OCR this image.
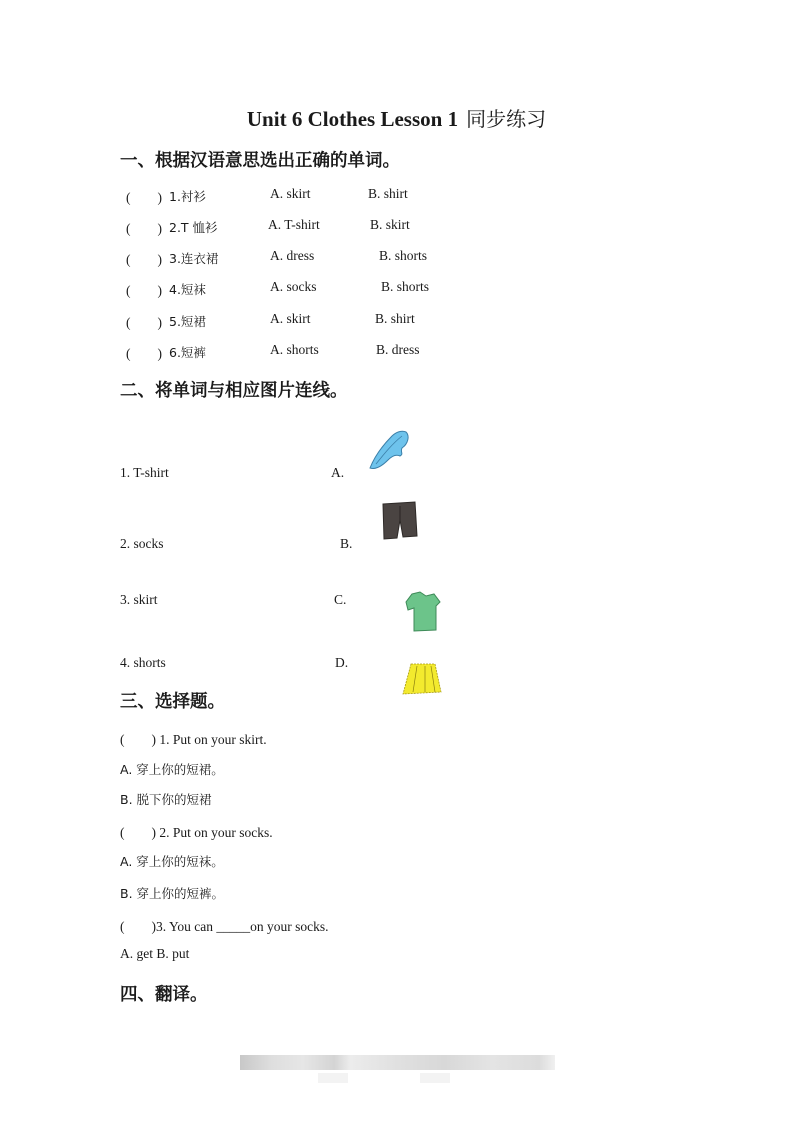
Unit 6 Clothes Lesson 1 同步练习
一、根据汉语意思选出正确的单词。
(　　) 1.衬衫	A. skirt	B. shirt
(　　) 2.T 恤衫	A. T-shirt	B. skirt
(　　) 3.连衣裙	A. dress	B. shorts
(　　) 4.短袜	A. socks	B. shorts
(　　) 5.短裙	A. skirt	B. shirt
(　　) 6.短裤	A. shorts	B. dress
二、将单词与相应图片连线。
1. T-shirt
2. socks
3. skirt
4. shorts
A.
B.
C.
D.
三、选择题。
(　　) 1. Put on your skirt.
A. 穿上你的短裙。
B. 脱下你的短裙
(　　) 2. Put on your socks.
A. 穿上你的短袜。
B. 穿上你的短裤。
(　　)3. You can _____on your socks.
A. get B. put
四、翻译。
